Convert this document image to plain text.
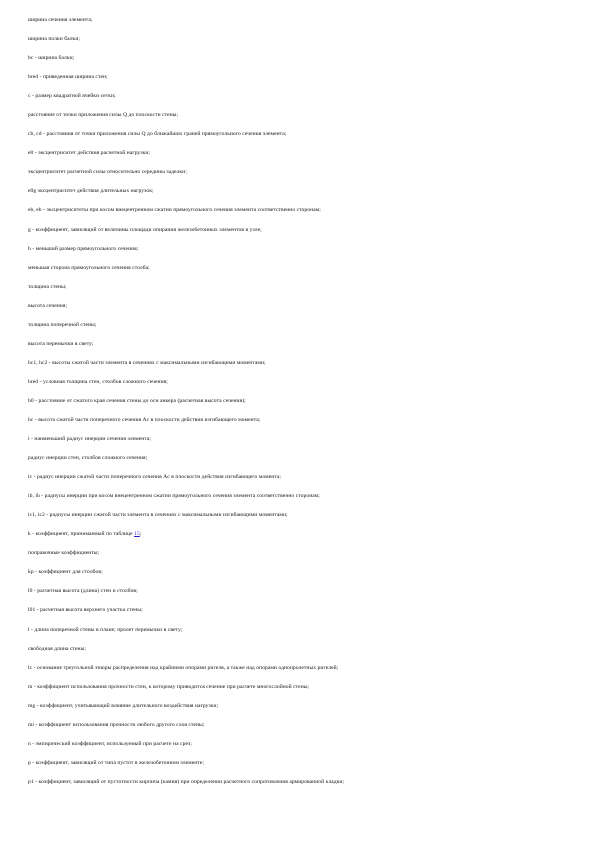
ширина сечения элемента;
ширина полки балки;
bc - ширина балки;
bred - приведенная ширина стен;
c - размер квадратной ячейки сетки;
расстояние от точки приложения силы Q до плоскости стены;
cb, cd - расстояния от точки приложения силы Q до ближайших граней прямоугольного сечения элемента;
e0 - эксцентриситет действия расчетной нагрузки;
эксцентриситет расчетной силы относительно середины заделки;
e0g эксцентриситет действия длительных нагрузок;
eb, eh - эксцентриситеты при косом внецентренном сжатии прямоугольного сечения элемента соответственно сторонам;
g - коэффициент, зависящий от величины площади опирания железобетонных элементов в узле;
h - меньший размер прямоугольного сечения;
меньшая сторона прямоугольного сечения столба;
толщина стены;
высота сечения;
толщина поперечной стены;
высота перемычки в свету;
hc1, hc2 - высоты сжатой части элемента в сечениях с максимальными изгибающими моментами;
hred - условная толщина стен, столбов сложного сечения;
h0 - расстояние от сжатого края сечения стены до оси анкера (расчетная высота сечения);
hc - высота сжатой части поперечного сечения Ac в плоскости действия изгибающего момента;
i - наименьший радиус инерции сечения элемента;
радиус инерции стен, столбов сложного сечения;
ic - радиус инерции сжатой части поперечного сечения Ac в плоскости действия изгибающего момента;
ib, ih - радиусы инерции при косом внецентренном сжатии прямоугольного сечения элемента соответственно сторонам;
ic1, ic2 - радиусы инерции сжатой части элемента в сечениях с максимальными изгибающими моментами;
k - коэффициент, принимаемый по таблице 15;
поправочные коэффициенты;
kp - коэффициент для столбов;
l0 - расчетная высота (длина) стен и столбов;
l01 - расчетная высота верхнего участка стены;
l - длина поперечной стены в плане; пролет перемычки в свету;
свободная длина стены;
lc - основание треугольной эпюры распределения над крайними опорами ригеля, а также над опорами однопролетных ригелей;
m - коэффициент использования прочности стен, к которому приводится сечение при расчете многослойной стены;
mg - коэффициент, учитывающий влияние длительного воздействия нагрузки;
mi - коэффициент использования прочности любого другого слоя стены;
n - эмпирический коэффициент, используемый при расчете на срез;
p - коэффициент, зависящий от типа пустот в железобетонном элементе;
p1 - коэффициент, зависящий от пустотности кирпича (камня) при определении расчетного сопротивления армированной кладки;
